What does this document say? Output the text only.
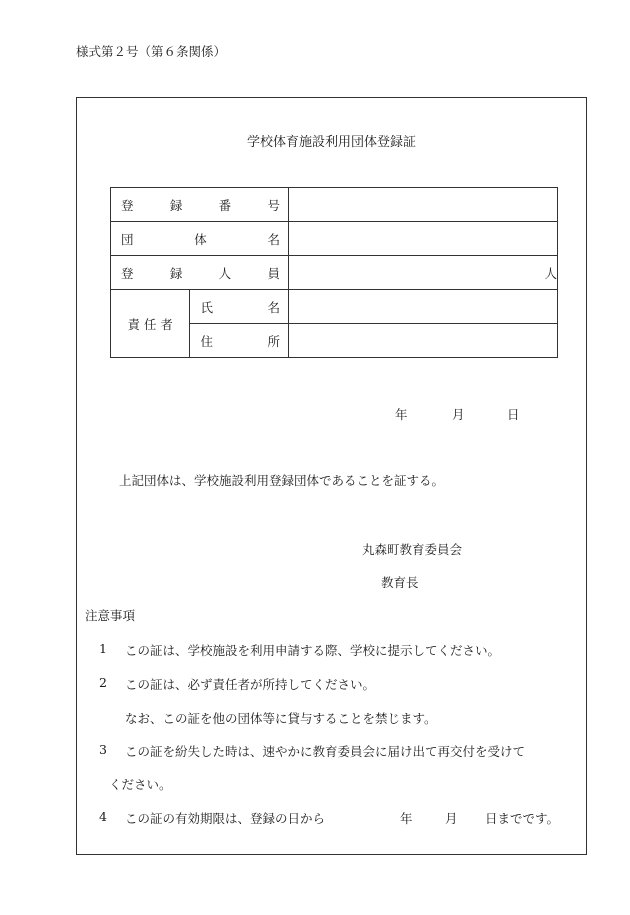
様式第２号（第６条関係）
学校体育施設利用団体登録証
登 録 番 号		

団 体 名		

登 録 人 員		人
責 任 者	氏 名	

	住 所	

年	月	日
上記団体は、学校施設利用登録団体であることを証する。
丸森町教育委員会
教育長
注意事項
1 この証は、学校施設を利用申請する際、学校に提示してください。
2 この証は、必ず責任者が所持してください。
なお、この証を他の団体等に貸与することを禁じます。
3 この証を紛失した時は、速やかに教育委員会に届け出て再交付を受けて
ください。
4 この証の有効期限は、登録の日から	年	月 日までです。
